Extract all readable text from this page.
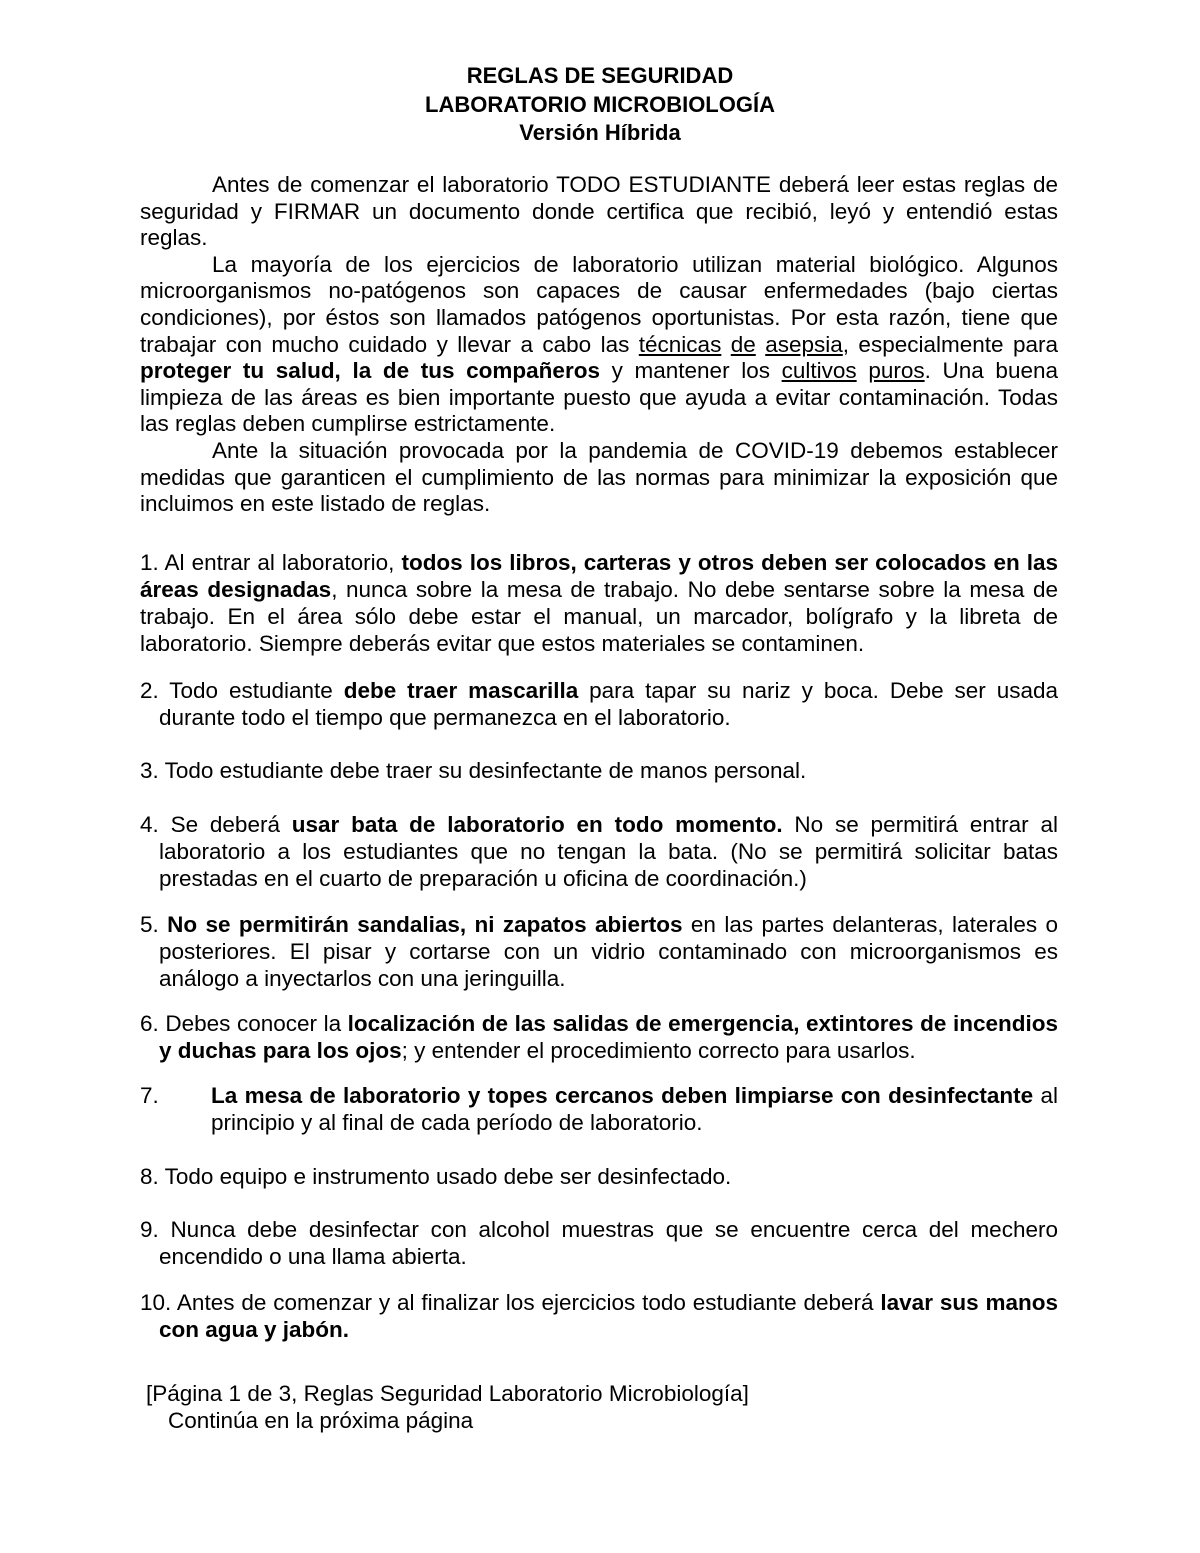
REGLAS DE SEGURIDAD
LABORATORIO MICROBIOLOGÍA
Versión Híbrida

Antes de comenzar el laboratorio TODO ESTUDIANTE deberá leer estas reglas de seguridad y FIRMAR un documento donde certifica que recibió, leyó y entendió estas reglas.

La mayoría de los ejercicios de laboratorio utilizan material biológico. Algunos microorganismos no-patógenos son capaces de causar enfermedades (bajo ciertas condiciones), por éstos son llamados patógenos oportunistas. Por esta razón, tiene que trabajar con mucho cuidado y llevar a cabo las técnicas de asepsia, especialmente para proteger tu salud, la de tus compañeros y mantener los cultivos puros. Una buena limpieza de las áreas es bien importante puesto que ayuda a evitar contaminación. Todas las reglas deben cumplirse estrictamente.

Ante la situación provocada por la pandemia de COVID-19 debemos establecer medidas que garanticen el cumplimiento de las normas para minimizar la exposición que incluimos en este listado de reglas.

1. Al entrar al laboratorio, todos los libros, carteras y otros deben ser colocados en las áreas designadas, nunca sobre la mesa de trabajo. No debe sentarse sobre la mesa de trabajo. En el área sólo debe estar el manual, un marcador, bolígrafo y la libreta de laboratorio. Siempre deberás evitar que estos materiales se contaminen.
2. Todo estudiante debe traer mascarilla para tapar su nariz y boca. Debe ser usada durante todo el tiempo que permanezca en el laboratorio.
3. Todo estudiante debe traer su desinfectante de manos personal.
4. Se deberá usar bata de laboratorio en todo momento. No se permitirá entrar al laboratorio a los estudiantes que no tengan la bata. (No se permitirá solicitar batas prestadas en el cuarto de preparación u oficina de coordinación.)
5. No se permitirán sandalias, ni zapatos abiertos en las partes delanteras, laterales o posteriores. El pisar y cortarse con un vidrio contaminado con microorganismos es análogo a inyectarlos con una jeringuilla.
6. Debes conocer la localización de las salidas de emergencia, extintores de incendios y duchas para los ojos; y entender el procedimiento correcto para usarlos.
7. La mesa de laboratorio y topes cercanos deben limpiarse con desinfectante al principio y al final de cada período de laboratorio.
8. Todo equipo e instrumento usado debe ser desinfectado.
9. Nunca debe desinfectar con alcohol muestras que se encuentre cerca del mechero encendido o una llama abierta.
10. Antes de comenzar y al finalizar los ejercicios todo estudiante deberá lavar sus manos con agua y jabón.
[Página 1 de 3, Reglas Seguridad Laboratorio Microbiología]
Continúa en la próxima página
